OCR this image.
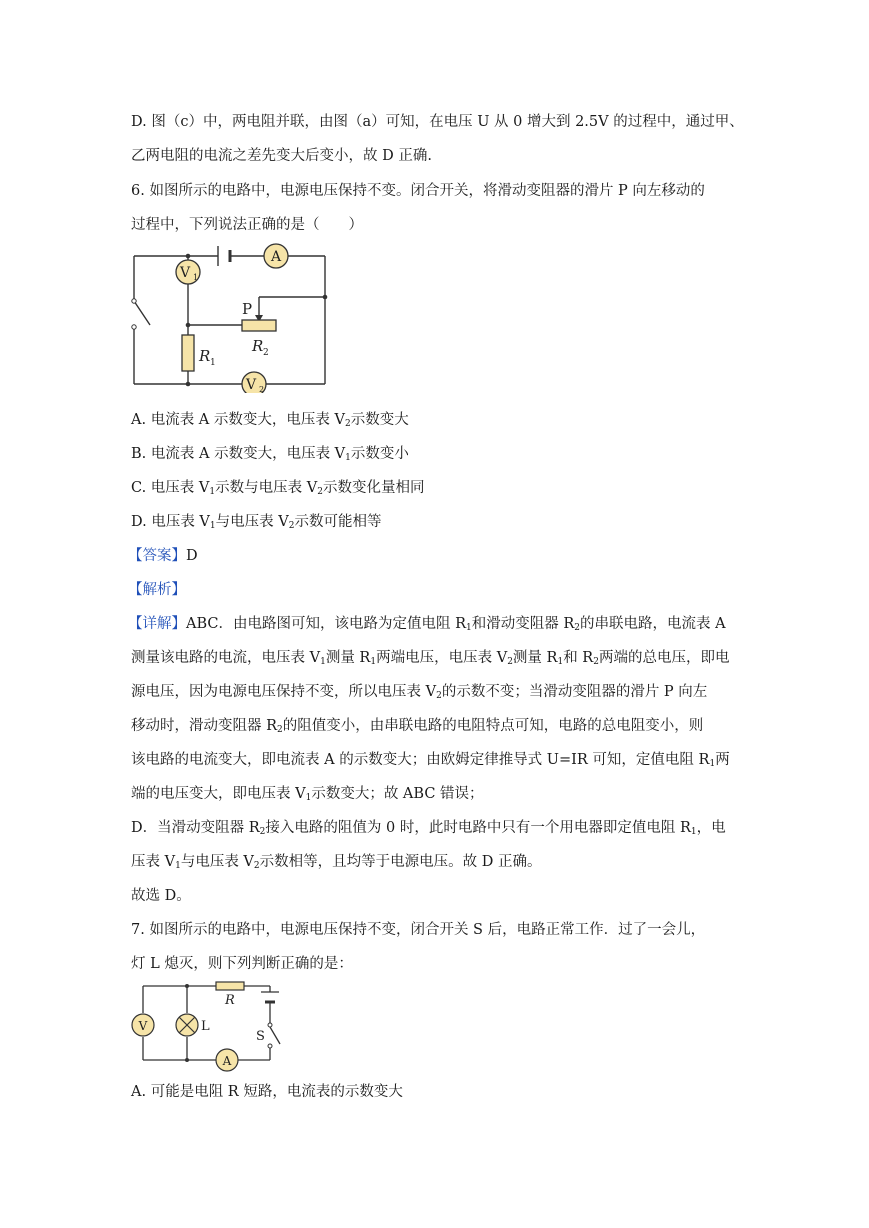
D. 图（c）中，两电阻并联，由图（a）可知，在电压 U 从 0 增大到 2.5V 的过程中，通过甲、
乙两电阻的电流之差先变大后变小，故 D 正确.
6. 如图所示的电路中，电源电压保持不变。闭合开关，将滑动变阻器的滑片 P 向左移动的
过程中，下列说法正确的是（　　）
A
V 1
V 2
P
R 1
R 2
A. 电流表 A 示数变大，电压表 $V_2$示数变大
B. 电流表 A 示数变大，电压表 $V_1$示数变小
C. 电压表 $V_1$示数与电压表 $V_2$示数变化量相同
D. 电压表 $V_1$与电压表 $V_2$示数可能相等
【答案】D
【解析】
【详解】ABC．由电路图可知，该电路为定值电阻 $R_1$和滑动变阻器 $R_2$的串联电路，电流表 A
测量该电路的电流，电压表 $V_1$测量 $R_1$两端电压，电压表 $V_2$测量 $R_1$和 $R_2$两端的总电压，即电
源电压，因为电源电压保持不变，所以电压表 $V_2$的示数不变；当滑动变阻器的滑片 P 向左
移动时，滑动变阻器 $R_2$的阻值变小，由串联电路的电阻特点可知，电路的总电阻变小，则
该电路的电流变大，即电流表 A 的示数变大；由欧姆定律推导式 U=IR 可知，定值电阻 $R_1$两
端的电压变大，即电压表 $V_1$示数变大；故 ABC 错误；
D．当滑动变阻器 $R_2$接入电路的阻值为 0 时，此时电路中只有一个用电器即定值电阻 $R_1$，电
压表 $V_1$与电压表 $V_2$示数相等，且均等于电源电压。故 D 正确。
故选 D。
7. 如图所示的电路中，电源电压保持不变，闭合开关 S 后，电路正常工作．过了一会儿，
灯 L 熄灭，则下列判断正确的是：
R
V	L
S
A
A. 可能是电阻 R 短路，电流表的示数变大
